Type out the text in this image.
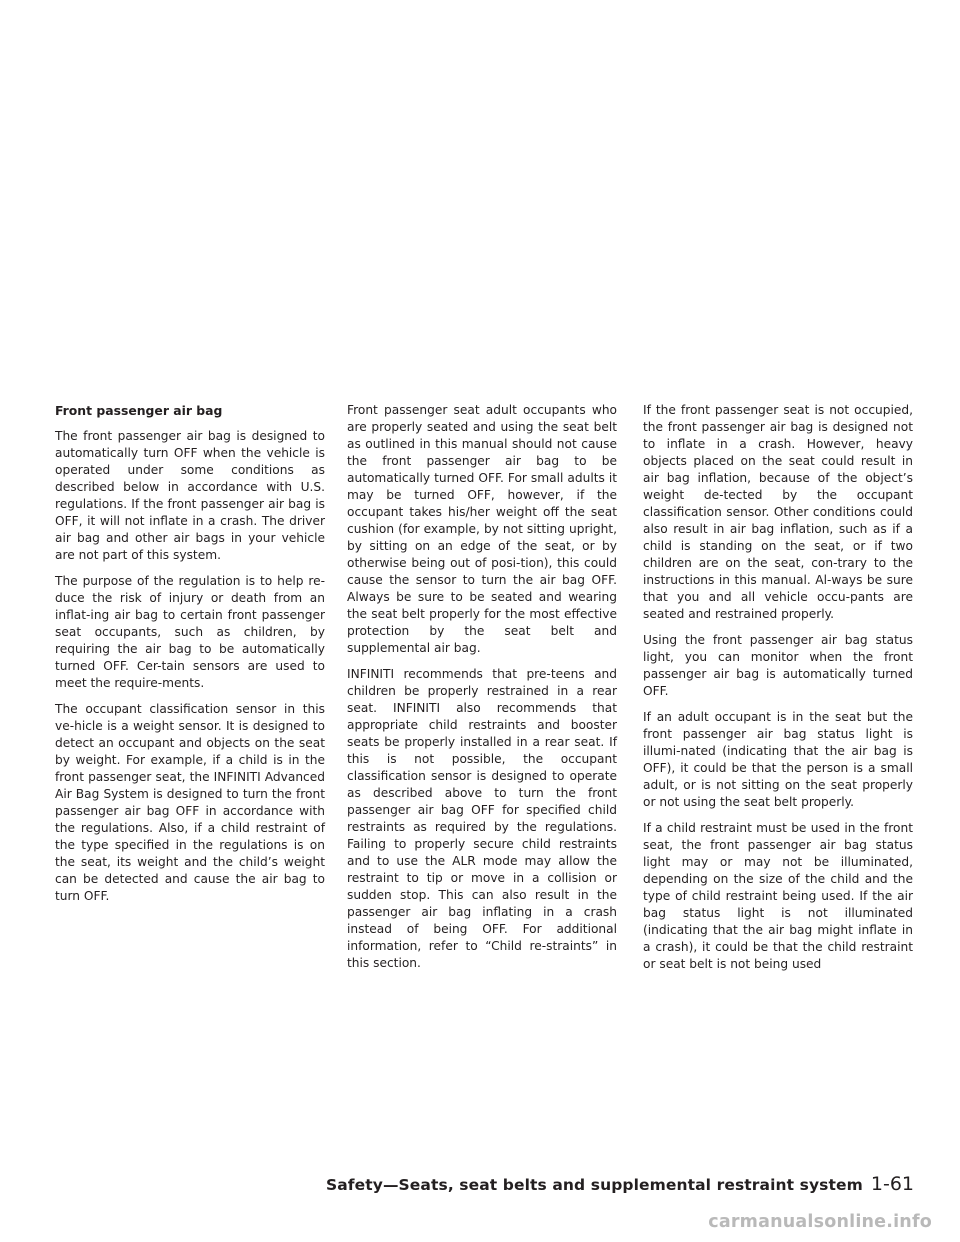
Front passenger air bag

The front passenger air bag is designed to automatically turn OFF when the vehicle is operated under some conditions as described below in accordance with U.S. regulations. If the front passenger air bag is OFF, it will not inflate in a crash. The driver air bag and other air bags in your vehicle are not part of this system.

The purpose of the regulation is to help re-duce the risk of injury or death from an inflat-ing air bag to certain front passenger seat occupants, such as children, by requiring the air bag to be automatically turned OFF. Cer-tain sensors are used to meet the require-ments.

The occupant classification sensor in this ve-hicle is a weight sensor. It is designed to detect an occupant and objects on the seat by weight. For example, if a child is in the front passenger seat, the INFINITI Advanced Air Bag System is designed to turn the front passenger air bag OFF in accordance with the regulations. Also, if a child restraint of the type specified in the regulations is on the seat, its weight and the child’s weight can be detected and cause the air bag to turn OFF.

Front passenger seat adult occupants who are properly seated and using the seat belt as outlined in this manual should not cause the front passenger air bag to be automatically turned OFF. For small adults it may be turned OFF, however, if the occupant takes his/her weight off the seat cushion (for example, by not sitting upright, by sitting on an edge of the seat, or by otherwise being out of posi-tion), this could cause the sensor to turn the air bag OFF. Always be sure to be seated and wearing the seat belt properly for the most effective protection by the seat belt and supplemental air bag.

INFINITI recommends that pre-teens and children be properly restrained in a rear seat. INFINITI also recommends that appropriate child restraints and booster seats be properly installed in a rear seat. If this is not possible, the occupant classification sensor is designed to operate as described above to turn the front passenger air bag OFF for specified child restraints as required by the regulations. Failing to properly secure child restraints and to use the ALR mode may allow the restraint to tip or move in a collision or sudden stop. This can also result in the passenger air bag inflating in a crash instead of being OFF. For additional information, refer to “Child re-straints” in this section.

If the front passenger seat is not occupied, the front passenger air bag is designed not to inflate in a crash. However, heavy objects placed on the seat could result in air bag inflation, because of the object’s weight de-tected by the occupant classification sensor. Other conditions could also result in air bag inflation, such as if a child is standing on the seat, or if two children are on the seat, con-trary to the instructions in this manual. Al-ways be sure that you and all vehicle occu-pants are seated and restrained properly.

Using the front passenger air bag status light, you can monitor when the front passenger air bag is automatically turned OFF.

If an adult occupant is in the seat but the front passenger air bag status light is illumi-nated (indicating that the air bag is OFF), it could be that the person is a small adult, or is not sitting on the seat properly or not using the seat belt properly.

If a child restraint must be used in the front seat, the front passenger air bag status light may or may not be illuminated, depending on the size of the child and the type of child restraint being used. If the air bag status light is not illuminated (indicating that the air bag might inflate in a crash), it could be that the child restraint or seat belt is not being used

Safety—Seats, seat belts and supplemental restraint system 1-61
carmanualsonline.info
